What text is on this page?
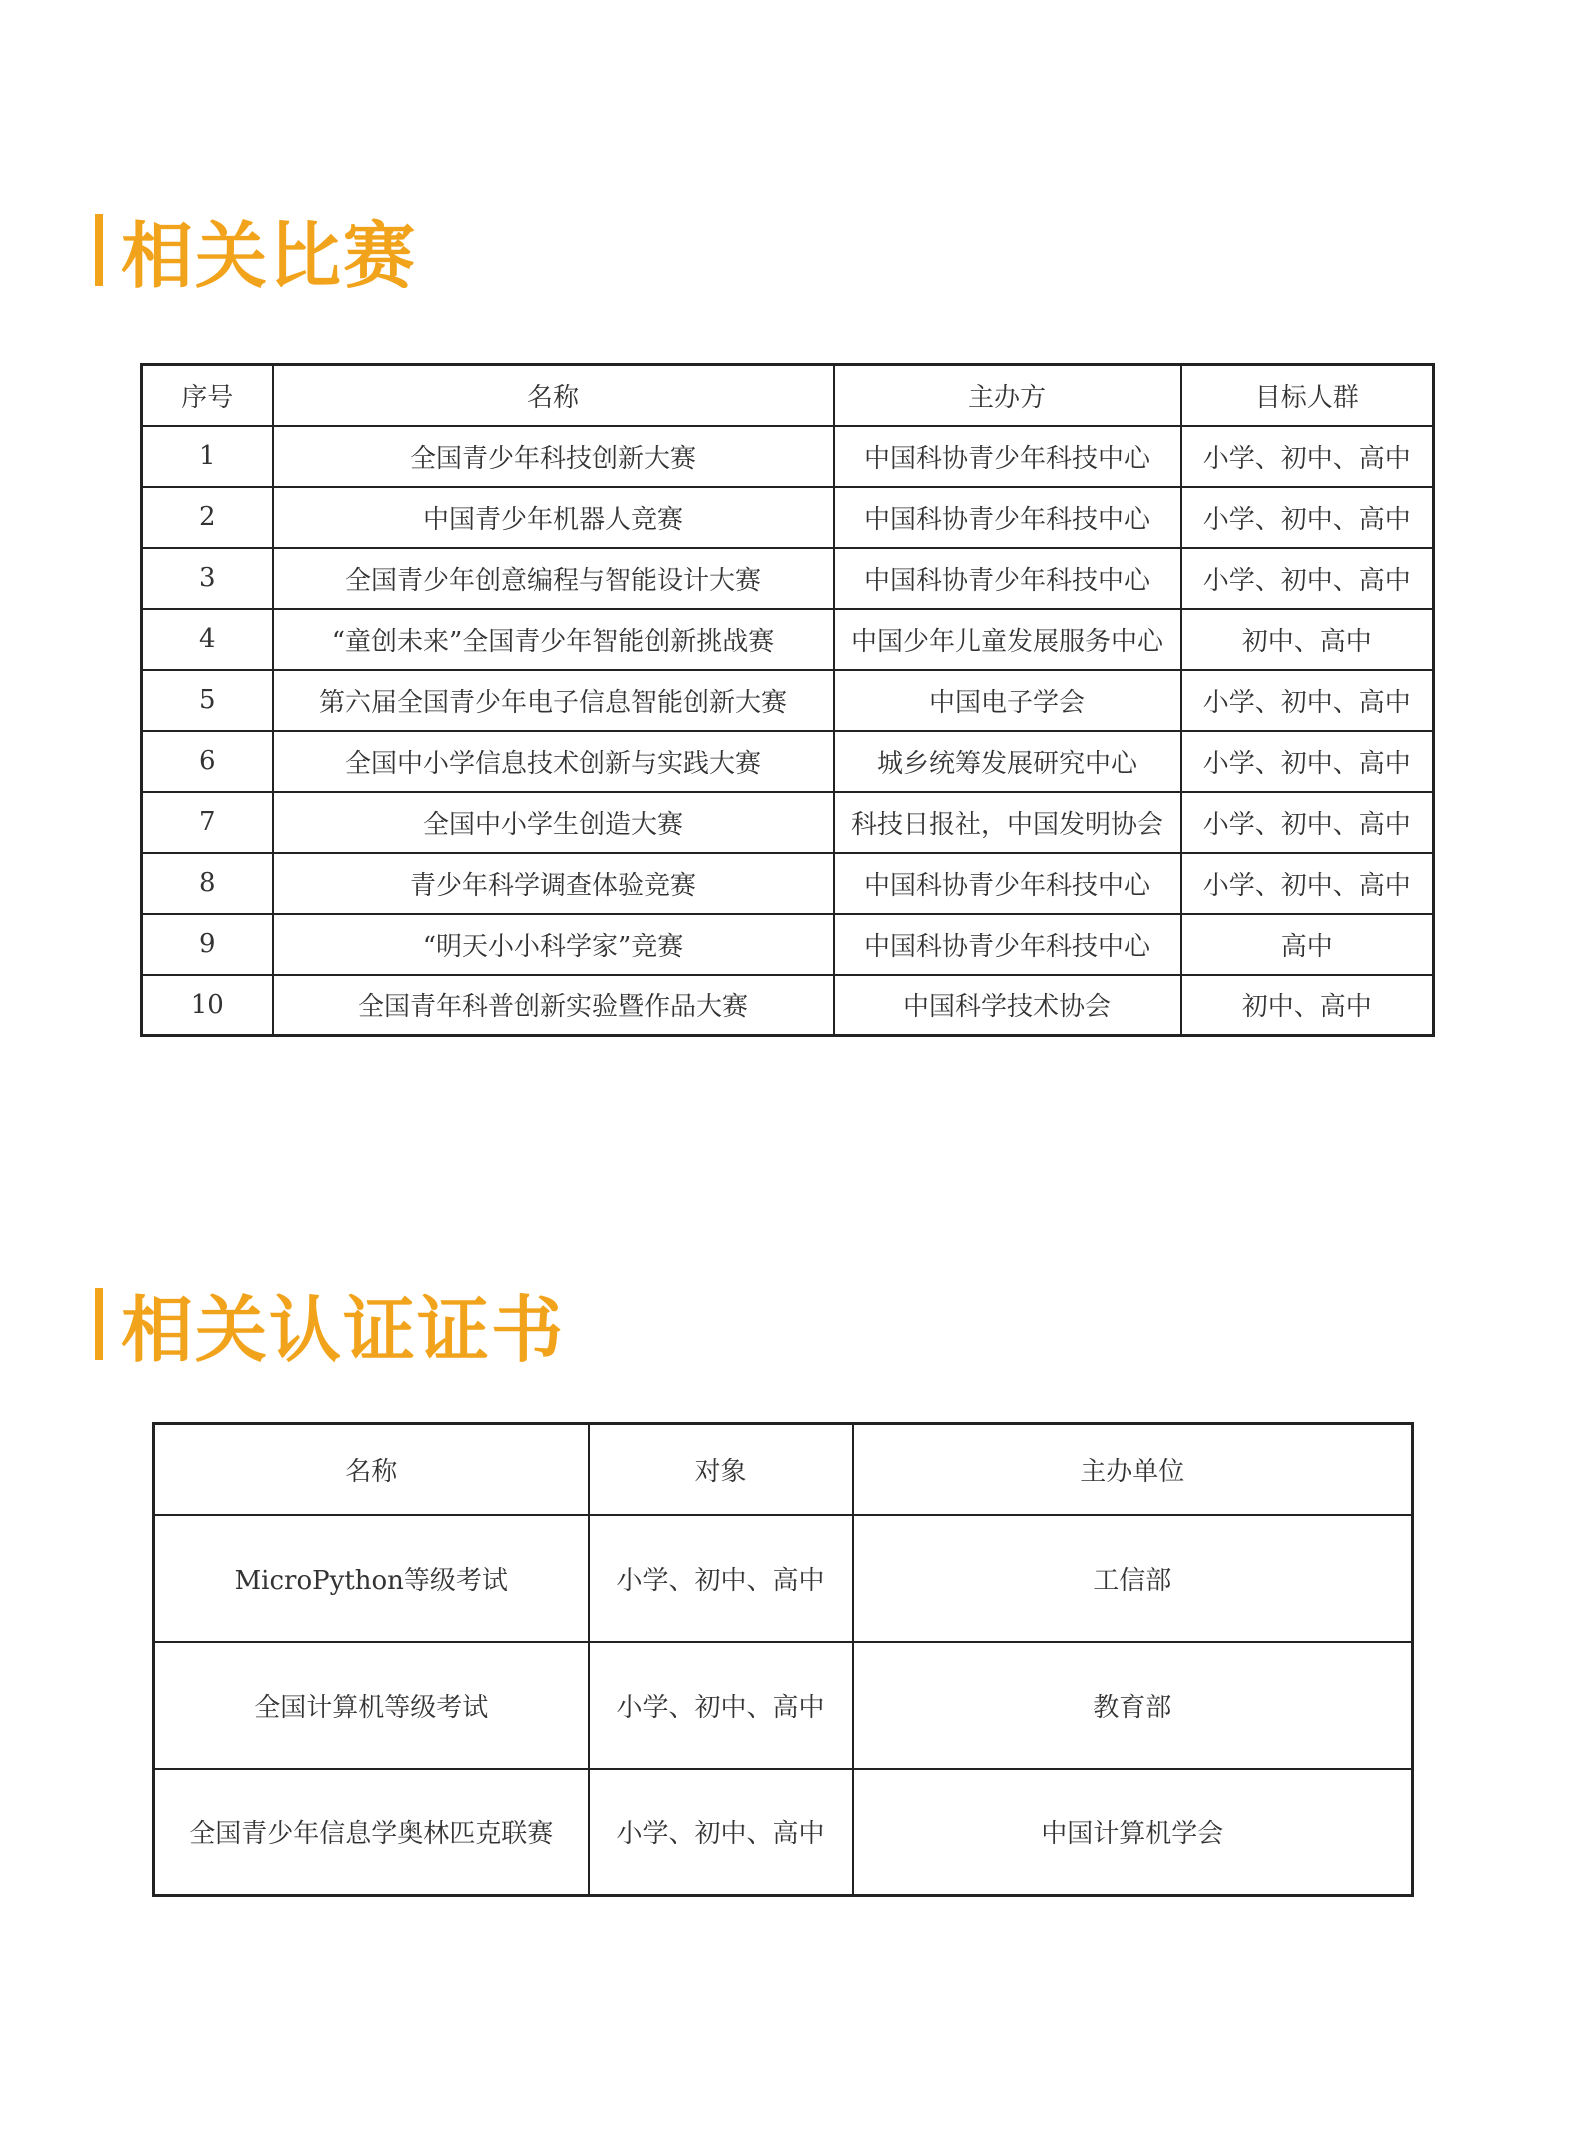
相关比赛
序号	名称	主办方	目标人群
1	全国青少年科技创新大赛	中国科协青少年科技中心	小学、初中、高中
2	中国青少年机器人竞赛	中国科协青少年科技中心	小学、初中、高中
3	全国青少年创意编程与智能设计大赛	中国科协青少年科技中心	小学、初中、高中
4	“童创未来”全国青少年智能创新挑战赛	中国少年儿童发展服务中心	初中、高中
5	第六届全国青少年电子信息智能创新大赛	中国电子学会	小学、初中、高中
6	全国中小学信息技术创新与实践大赛	城乡统筹发展研究中心	小学、初中、高中
7	全国中小学生创造大赛	科技日报社，中国发明协会	小学、初中、高中
8	青少年科学调查体验竞赛	中国科协青少年科技中心	小学、初中、高中
9	“明天小小科学家”竞赛	中国科协青少年科技中心	高中
10	全国青年科普创新实验暨作品大赛	中国科学技术协会	初中、高中
相关认证证书
名称	对象	主办单位
MicroPython等级考试	小学、初中、高中	工信部
全国计算机等级考试	小学、初中、高中	教育部
全国青少年信息学奥林匹克联赛	小学、初中、高中	中国计算机学会
